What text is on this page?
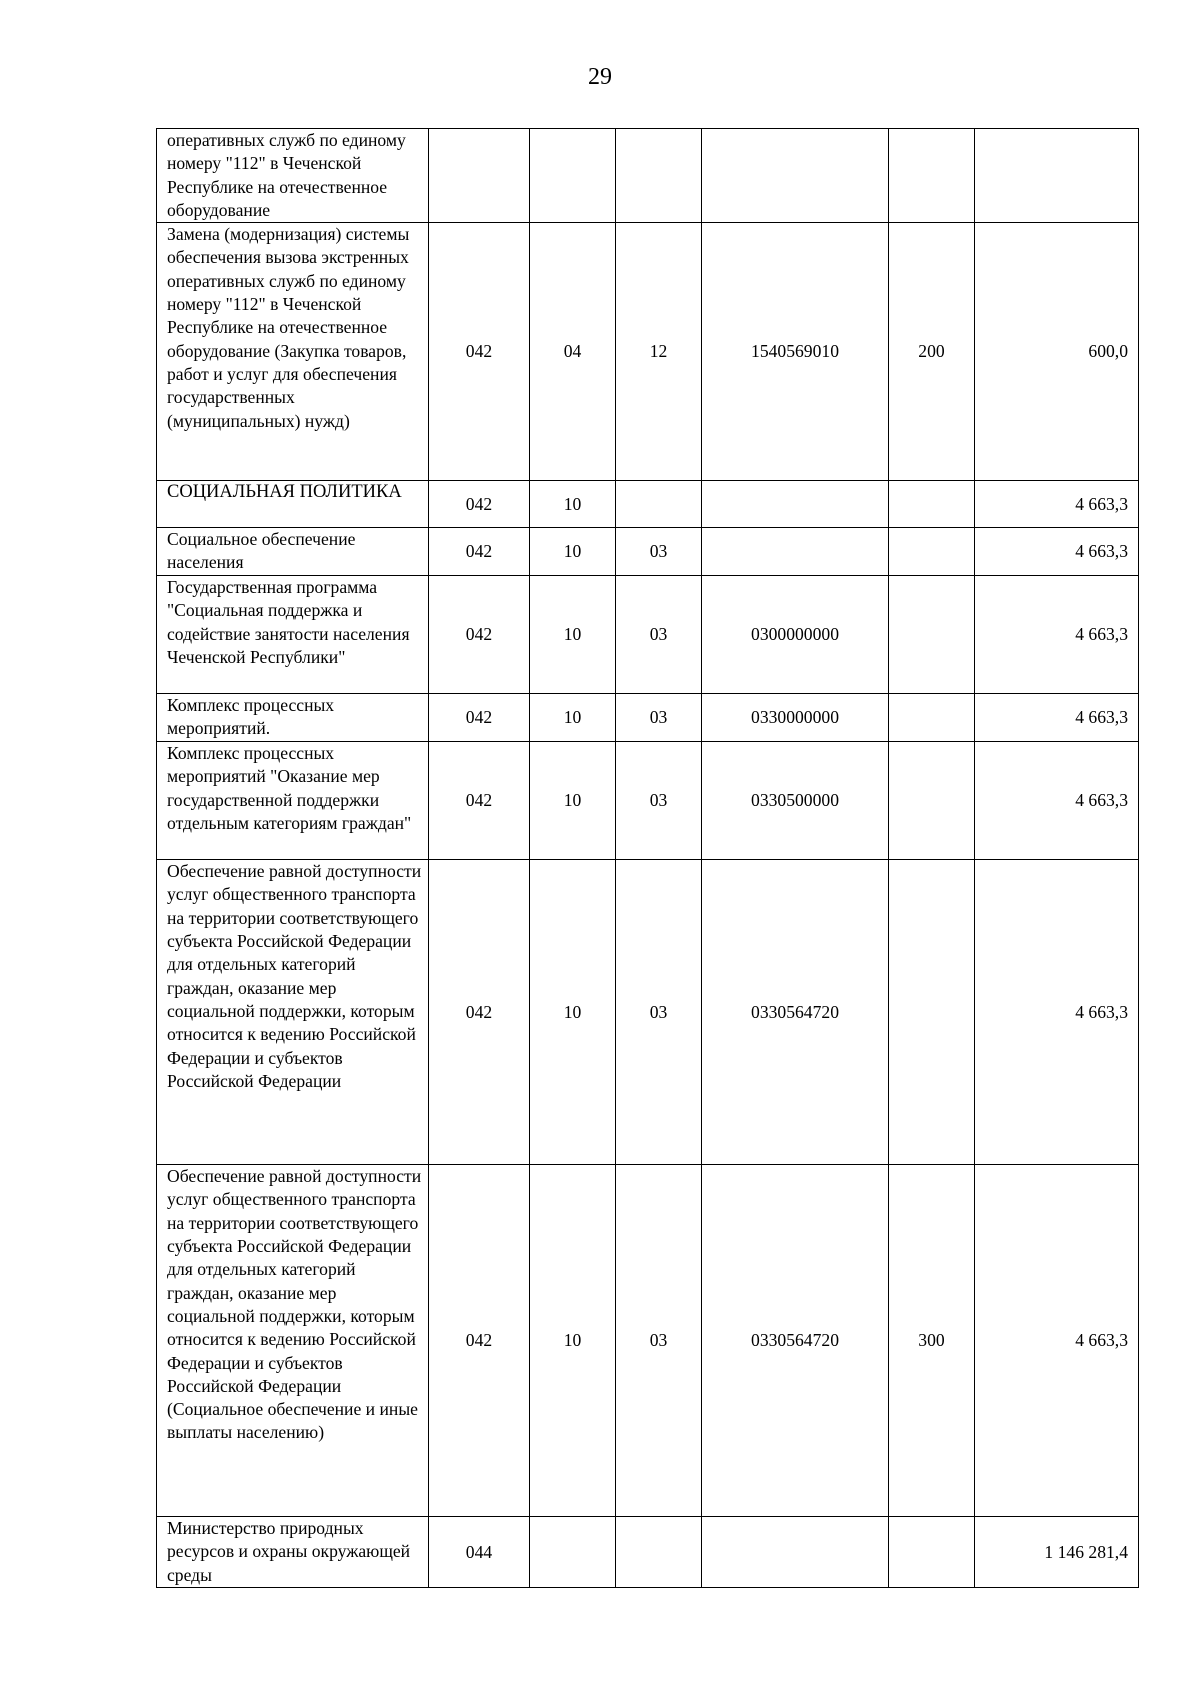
29
оперативных служб по единому номеру "112" в Чеченской Республике на отечественное оборудование						
Замена (модернизация) системы обеспечения вызова экстренных оперативных служб по единому номеру "112" в Чеченской Республике на отечественное оборудование (Закупка товаров, работ и услуг для обеспечения государственных (муниципальных) нужд)	042	04	12	1540569010	200	600,0
СОЦИАЛЬНАЯ ПОЛИТИКА	042	10				4 663,3
Социальное обеспечение населения	042	10	03			4 663,3
Государственная программа "Социальная поддержка и содействие занятости населения Чеченской Республики"	042	10	03	0300000000		4 663,3
Комплекс процессных мероприятий.	042	10	03	0330000000		4 663,3
Комплекс процессных мероприятий "Оказание мер государственной поддержки отдельным категориям граждан"	042	10	03	0330500000		4 663,3
Обеспечение равной доступности услуг общественного транспорта на территории соответствующего субъекта Российской Федерации для отдельных категорий граждан, оказание мер социальной поддержки, которым относится к ведению Российской Федерации и субъектов Российской Федерации	042	10	03	0330564720		4 663,3
Обеспечение равной доступности услуг общественного транспорта на территории соответствующего субъекта Российской Федерации для отдельных категорий граждан, оказание мер социальной поддержки, которым относится к ведению Российской Федерации и субъектов Российской Федерации (Социальное обеспечение и иные выплаты населению)	042	10	03	0330564720	300	4 663,3
Министерство природных ресурсов и охраны окружающей среды	044					1 146 281,4
